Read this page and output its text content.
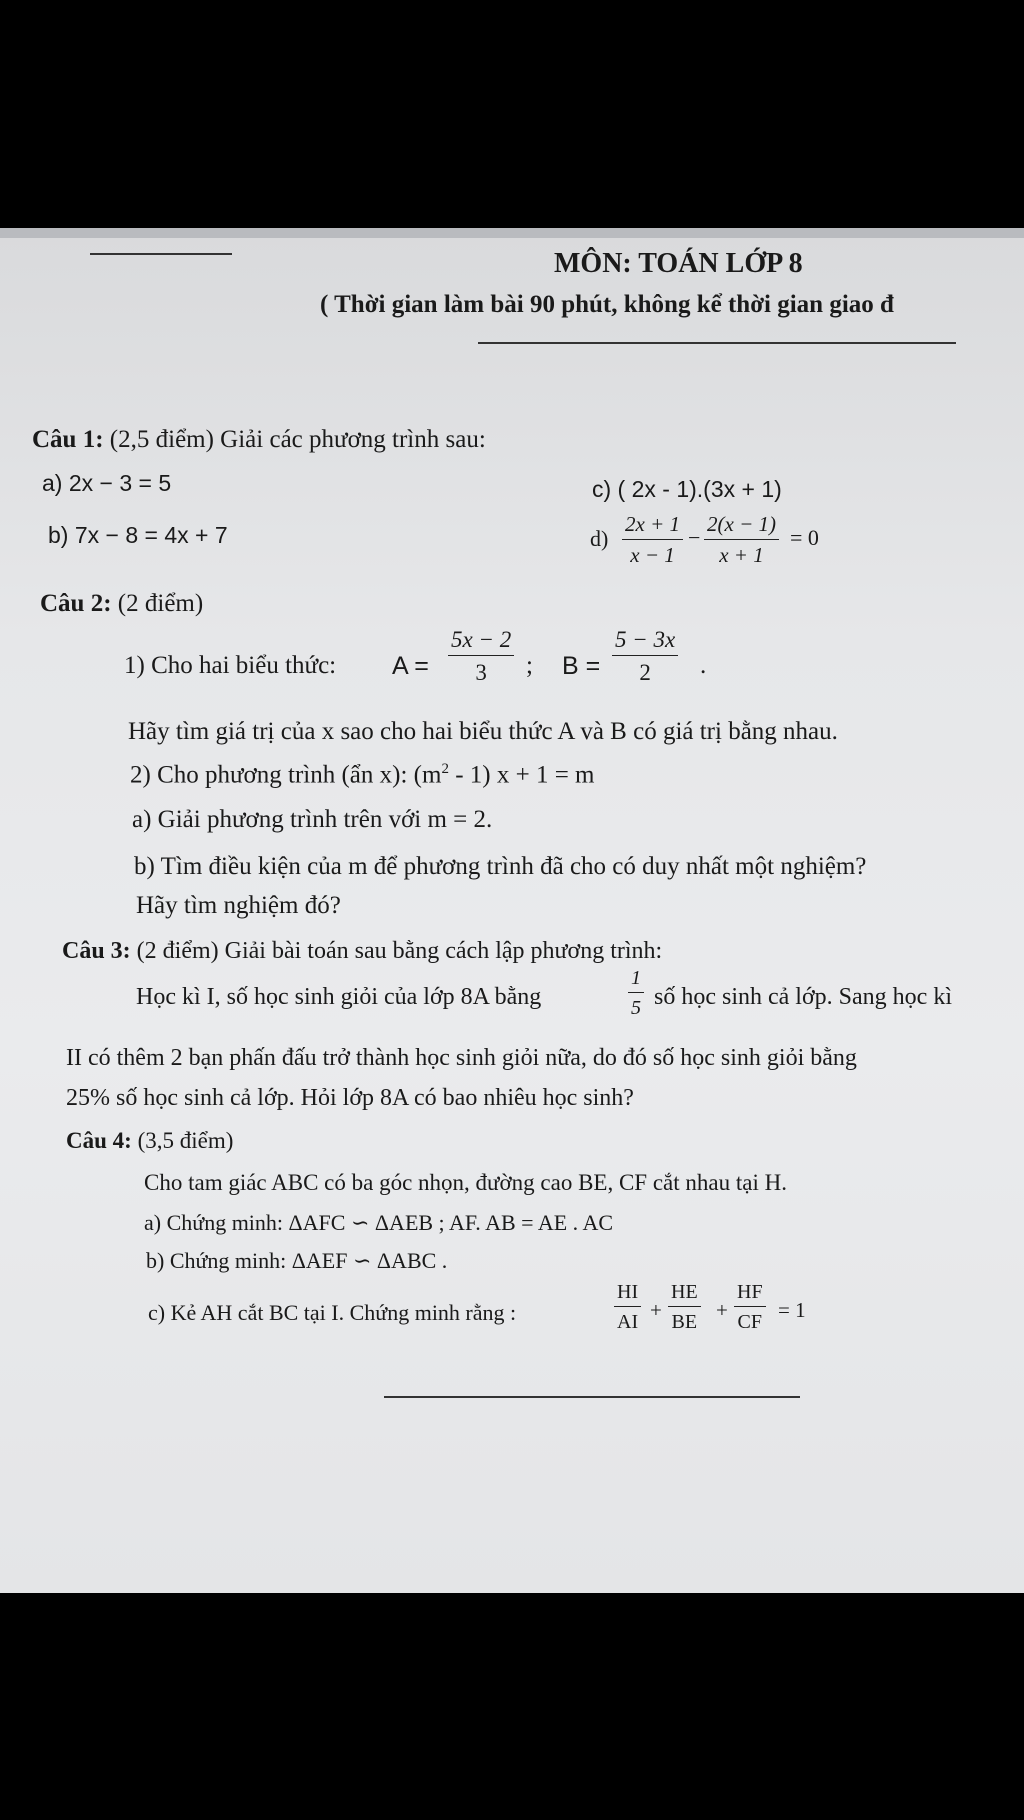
MÔN: TOÁN LỚP 8
( Thời gian làm bài 90 phút, không kể thời gian giao đ
Câu 1: (2,5 điểm) Giải các phương trình sau:
a) 2x − 3 = 5	c) ( 2x - 1).(3x + 1)
b) 7x − 8 = 4x + 7	$d) \frac{2x + 1}{x - 1} - \frac{2(x - 1)}{x + 1} = 0$
Câu 2: (2 điểm)
1) Cho hai biểu thức: $A = \frac{5x - 2}{3}$ ; $B = \frac{5 - 3x}{2}$ .
Hãy tìm giá trị của x sao cho hai biểu thức A và B có giá trị bằng nhau.
2) Cho phương trình (ẩn x): $(m^2 - 1) x + 1 = m$
a) Giải phương trình trên với m = 2.
b) Tìm điều kiện của m để phương trình đã cho có duy nhất một nghiệm?
Hãy tìm nghiệm đó?
Câu 3: (2 điểm) Giải bài toán sau bằng cách lập phương trình:
Học kì I, số học sinh giỏi của lớp 8A bằng	$\frac{1}{5}$ số học sinh cả lớp. Sang học kì
II có thêm 2 bạn phấn đấu trở thành học sinh giỏi nữa, do đó số học sinh giỏi bằng
25% số học sinh cả lớp. Hỏi lớp 8A có bao nhiêu học sinh?
Câu 4: (3,5 điểm)
Cho tam giác ABC có ba góc nhọn, đường cao BE, CF cắt nhau tại H.
a) Chứng minh: ΔAFC ∽ ΔAEB ; AF. AB = AE . AC
b) Chứng minh: ΔAEF ∽ ΔABC .
c) Kẻ AH cắt BC tại I. Chứng minh rằng :	$\frac{HI}{AI} + \frac{HE}{BE} + \frac{HF}{CF} = 1$
